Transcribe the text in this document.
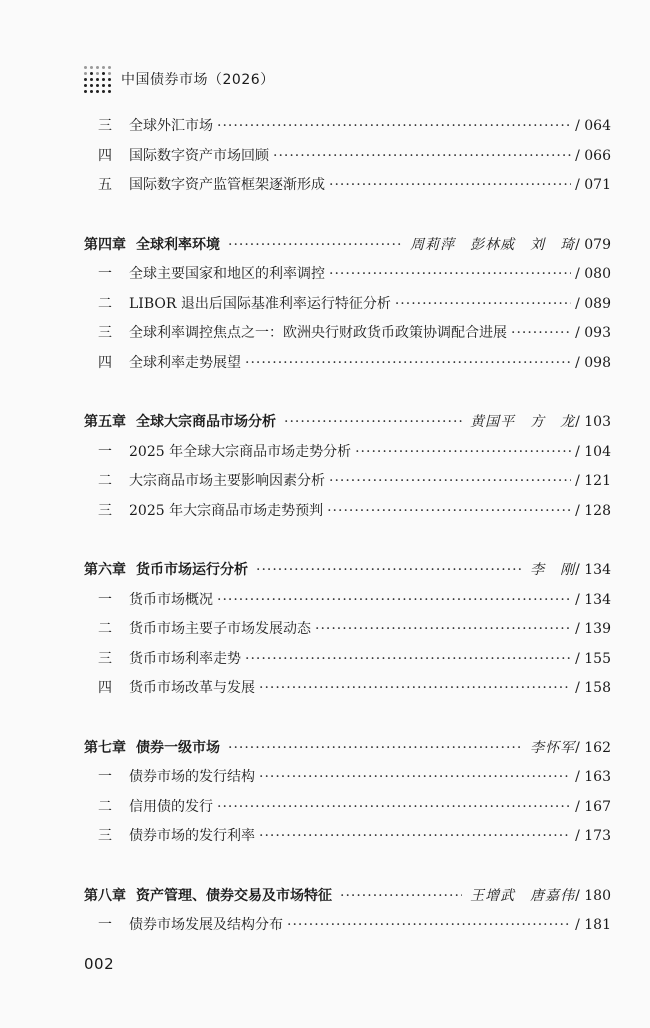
中国债券市场（2026）
三	全球外汇市场 ·····	/ 064
四	国际数字资产市场回顾 ·····	/ 066
五	国际数字资产监管框架逐渐形成 ·····	/ 071
第四章 全球利率环境 ·····	周莉萍　彭林威　刘　琦 / 079
一	全球主要国家和地区的利率调控 ·····	/ 080
二	LIBOR 退出后国际基准利率运行特征分析 ·····	/ 089
三	全球利率调控焦点之一：欧洲央行财政货币政策协调配合进展 ·····	/ 093
四	全球利率走势展望 ·····	/ 098
第五章 全球大宗商品市场分析 ·····	黄国平　方　龙 / 103
一	2025 年全球大宗商品市场走势分析 ·····	/ 104
二	大宗商品市场主要影响因素分析 ·····	/ 121
三	2025 年大宗商品市场走势预判 ·····	/ 128
第六章 货币市场运行分析 ·····	李　刚 / 134
一	货币市场概况 ·····	/ 134
二	货币市场主要子市场发展动态 ·····	/ 139
三	货币市场利率走势 ·····	/ 155
四	货币市场改革与发展 ·····	/ 158
第七章 债券一级市场 ·····	李怀军 / 162
一	债券市场的发行结构 ·····	/ 163
二	信用债的发行 ·····	/ 167
三	债券市场的发行利率 ·····	/ 173
第八章 资产管理、债券交易及市场特征 ·····	王增武　唐嘉伟 / 180
一	债券市场发展及结构分布 ·····	/ 181
002
